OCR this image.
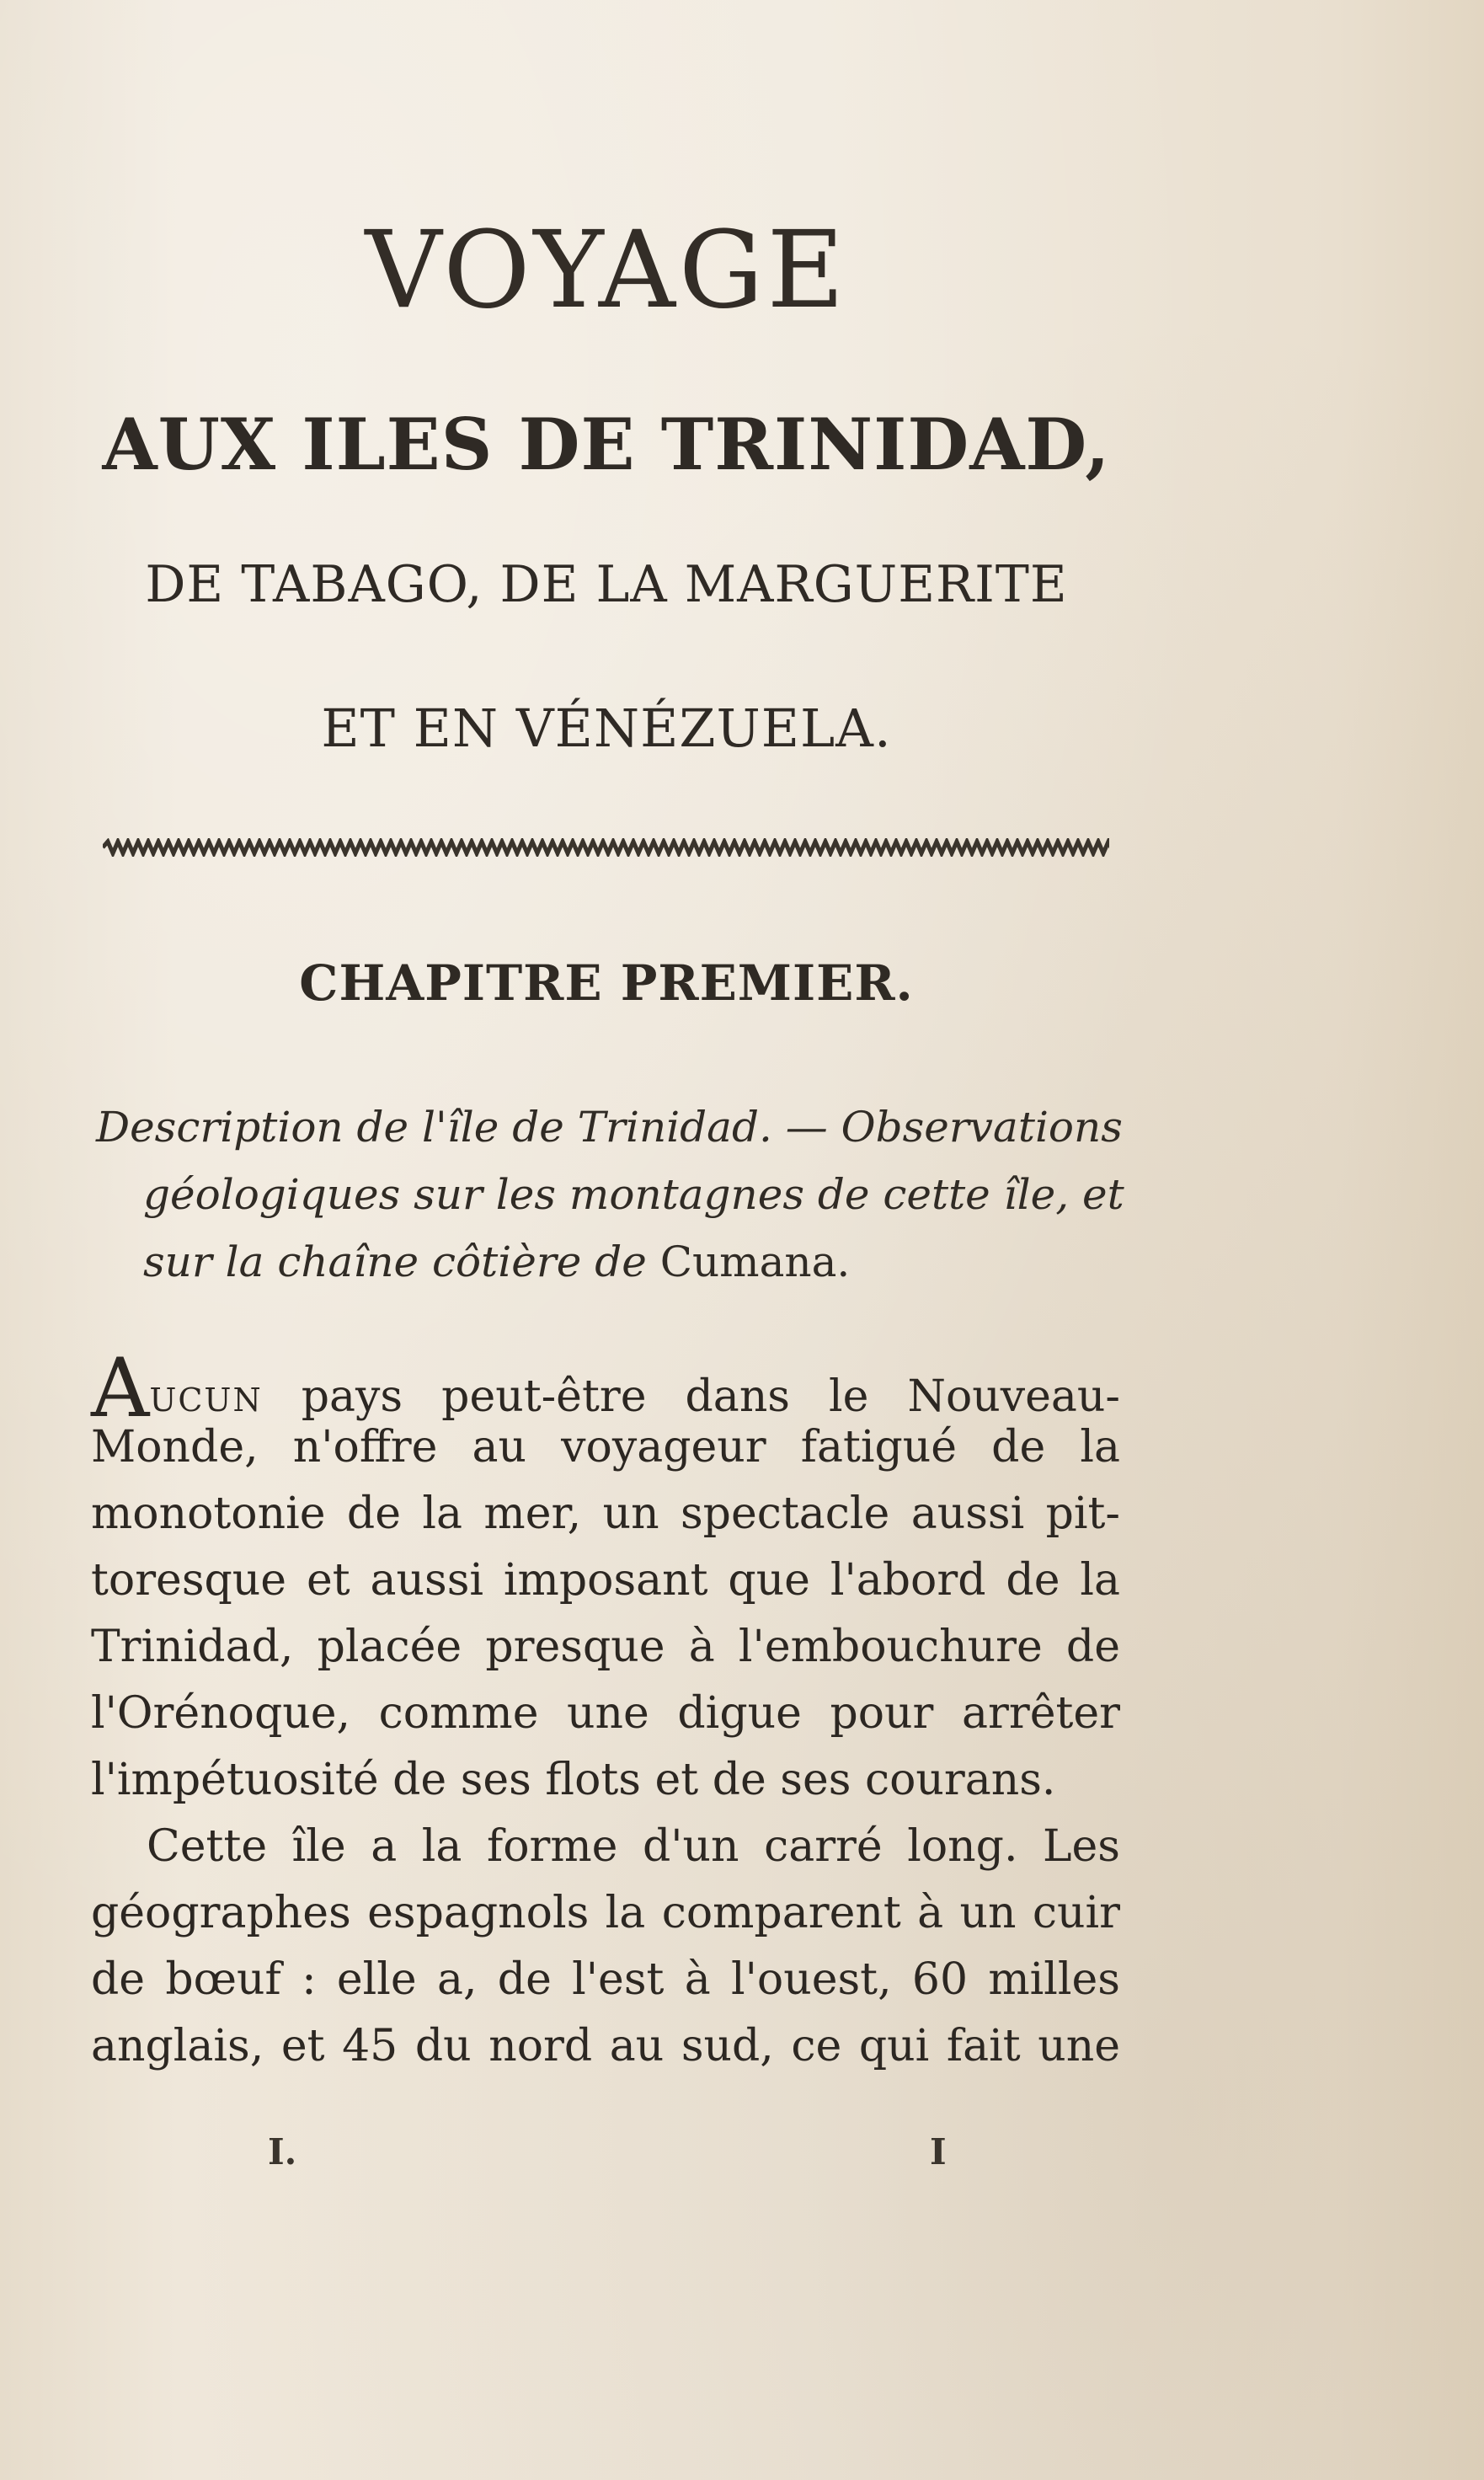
VOYAGE
AUX ILES DE TRINIDAD,
DE TABAGO, DE LA MARGUERITE
ET EN VÉNÉZUELA.
CHAPITRE PREMIER.

Description de l'île de Trinidad. — Observations
géologiques sur les montagnes de cette île, et
sur la chaîne côtière de Cumana.

AUCUN pays peut-être dans le Nouveau-
Monde, n'offre au voyageur fatigué de la
monotonie de la mer, un spectacle aussi pit-
toresque et aussi imposant que l'abord de la
Trinidad, placée presque à l'embouchure de
l'Orénoque, comme une digue pour arrêter
l'impétuosité de ses flots et de ses courans.
Cette île a la forme d'un carré long. Les
géographes espagnols la comparent à un cuir
de bœuf : elle a, de l'est à l'ouest, 60 milles
anglais, et 45 du nord au sud, ce qui fait une
I.	I
